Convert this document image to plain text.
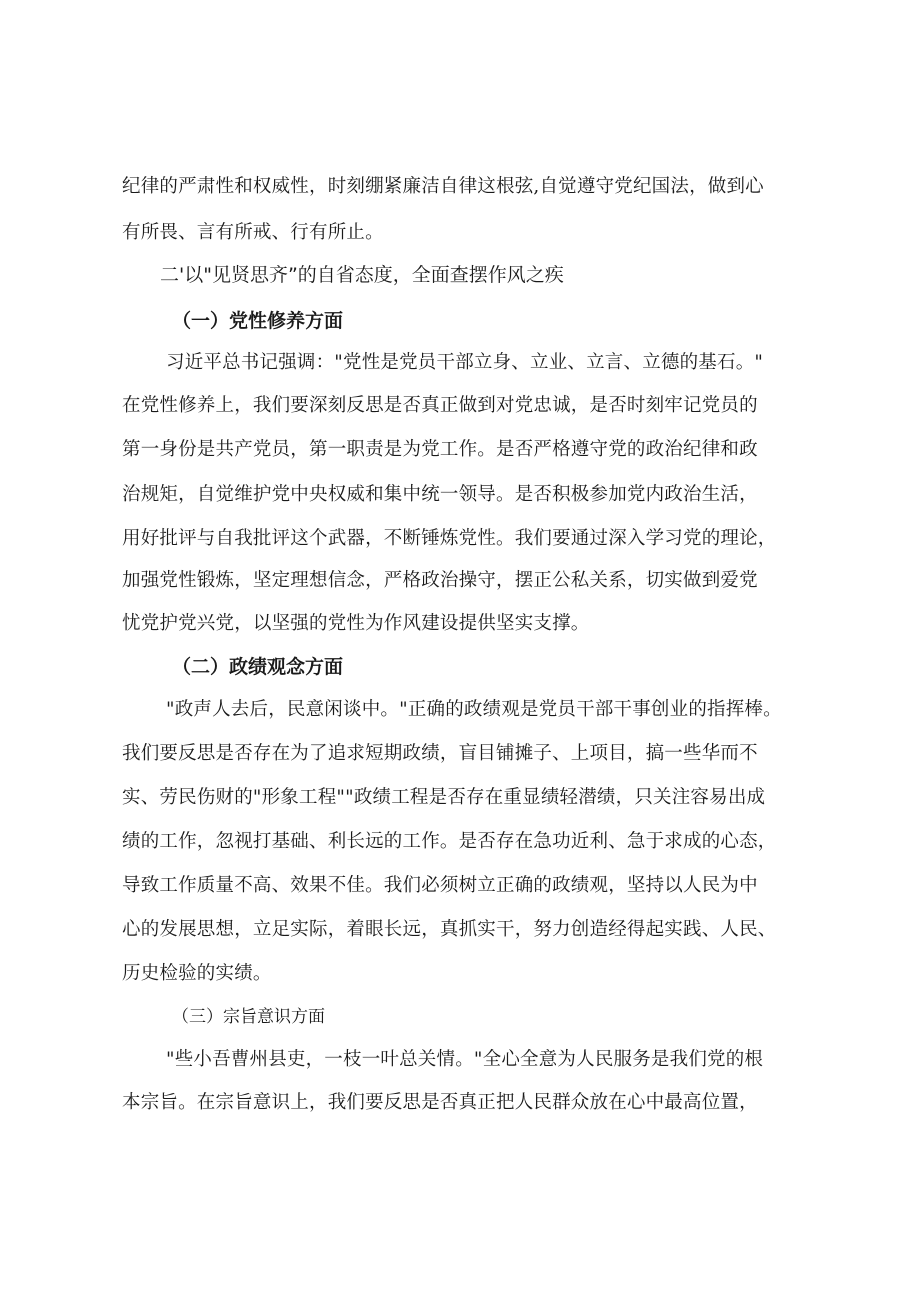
纪律的严肃性和权威性，时刻绷紧廉洁自律这根弦,自觉遵守党纪国法，做到心
有所畏、言有所戒、行有所止。
二'以"见贤思齐”的自省态度，全面查摆作风之疾
（一）党性修养方面
习近平总书记强调："党性是党员干部立身、立业、立言、立德的基石。"
在党性修养上，我们要深刻反思是否真正做到对党忠诚，是否时刻牢记党员的
第一身份是共产党员，第一职责是为党工作。是否严格遵守党的政治纪律和政
治规矩，自觉维护党中央权威和集中统一领导。是否积极参加党内政治生活，
用好批评与自我批评这个武器，不断锤炼党性。我们要通过深入学习党的理论，
加强党性锻炼，坚定理想信念，严格政治操守，摆正公私关系，切实做到爱党
忧党护党兴党，以坚强的党性为作风建设提供坚实支撑。
（二）政绩观念方面
"政声人去后，民意闲谈中。"正确的政绩观是党员干部干事创业的指挥棒。
我们要反思是否存在为了追求短期政绩，盲目铺摊子、上项目，搞一些华而不
实、劳民伤财的"形象工程""政绩工程是否存在重显绩轻潜绩，只关注容易出成
绩的工作，忽视打基础、利长远的工作。是否存在急功近利、急于求成的心态，
导致工作质量不高、效果不佳。我们必须树立正确的政绩观，坚持以人民为中
心的发展思想，立足实际，着眼长远，真抓实干，努力创造经得起实践、人民、
历史检验的实绩。
（三）宗旨意识方面
"些小吾曹州县吏，一枝一叶总关情。"全心全意为人民服务是我们党的根
本宗旨。在宗旨意识上，我们要反思是否真正把人民群众放在心中最高位置，
